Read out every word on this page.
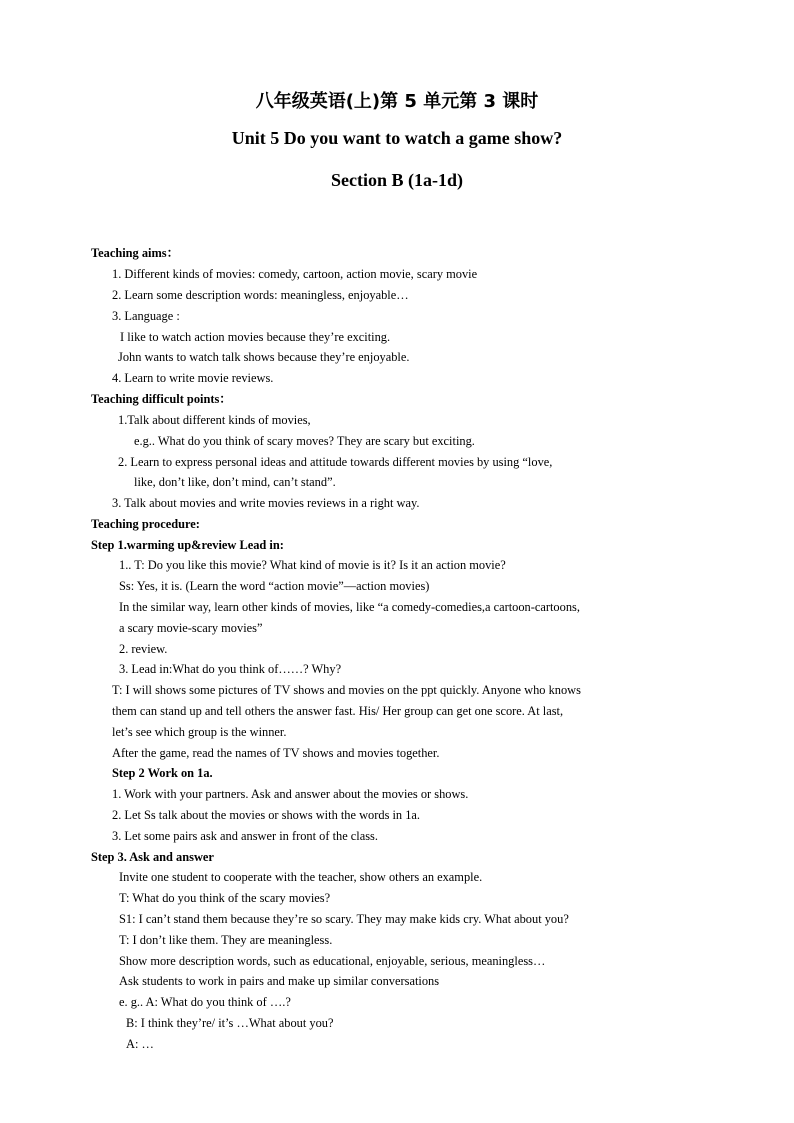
八年级英语(上)第 5 单元第 3 课时
Unit 5 Do you want to watch a game show?
Section B (1a-1d)
Teaching aims：
1. Different kinds of movies: comedy, cartoon, action movie, scary movie
2. Learn some description words: meaningless, enjoyable…
3. Language :
I like to watch action movies because they’re exciting.
John wants to watch talk shows because they’re enjoyable.
4. Learn to write movie reviews.
Teaching difficult points：
1.Talk about different kinds of movies,
e.g.. What do you think of scary moves? They are scary but exciting.
2. Learn to express personal ideas and attitude towards different movies by using “love,
like, don’t like, don’t mind, can’t stand”.
3. Talk about movies and write movies reviews in a right way.
Teaching procedure:
Step 1.warming up&review Lead in:
1.. T: Do you like this movie? What kind of movie is it? Is it an action movie?
Ss: Yes, it is. (Learn the word “action movie”—action movies)
In the similar way, learn other kinds of movies, like “a comedy-comedies,a cartoon-cartoons,
a scary movie-scary movies”
2. review.
3. Lead in:What do you think of……? Why?
T: I will shows some pictures of TV shows and movies on the ppt quickly. Anyone who knows
them can stand up and tell others the answer fast. His/ Her group can get one score. At last,
let’s see which group is the winner.
After the game, read the names of TV shows and movies together.
Step 2 Work on 1a.
1. Work with your partners. Ask and answer about the movies or shows.
2. Let Ss talk about the movies or shows with the words in 1a.
3. Let some pairs ask and answer in front of the class.
Step 3. Ask and answer
Invite one student to cooperate with the teacher, show others an example.
T: What do you think of the scary movies?
S1: I can’t stand them because they’re so scary. They may make kids cry. What about you?
T: I don’t like them. They are meaningless.
Show more description words, such as educational, enjoyable, serious, meaningless…
Ask students to work in pairs and make up similar conversations
e. g.. A: What do you think of ….?
B: I think they’re/ it’s …What about you?
A: …
